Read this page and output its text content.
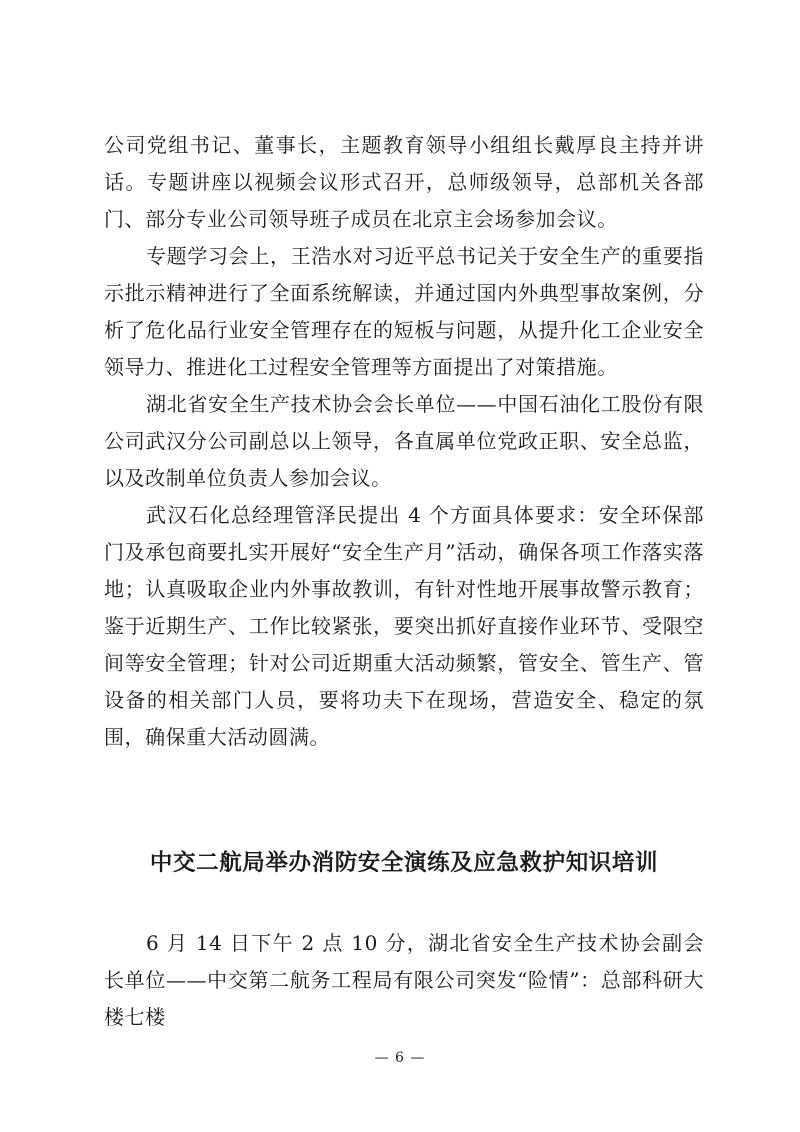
公司党组书记、董事长，主题教育领导小组组长戴厚良主持并讲话。专题讲座以视频会议形式召开，总师级领导，总部机关各部门、部分专业公司领导班子成员在北京主会场参加会议。

专题学习会上，王浩水对习近平总书记关于安全生产的重要指示批示精神进行了全面系统解读，并通过国内外典型事故案例，分析了危化品行业安全管理存在的短板与问题，从提升化工企业安全领导力、推进化工过程安全管理等方面提出了对策措施。

湖北省安全生产技术协会会长单位——中国石油化工股份有限公司武汉分公司副总以上领导，各直属单位党政正职、安全总监，以及改制单位负责人参加会议。

武汉石化总经理管泽民提出 4 个方面具体要求：安全环保部门及承包商要扎实开展好“安全生产月”活动，确保各项工作落实落地；认真吸取企业内外事故教训，有针对性地开展事故警示教育；鉴于近期生产、工作比较紧张，要突出抓好直接作业环节、受限空间等安全管理；针对公司近期重大活动频繁，管安全、管生产、管设备的相关部门人员，要将功夫下在现场，营造安全、稳定的氛围，确保重大活动圆满。

中交二航局举办消防安全演练及应急救护知识培训

6 月 14 日下午 2 点 10 分，湖北省安全生产技术协会副会长单位——中交第二航务工程局有限公司突发“险情”：总部科研大楼七楼

— 6 —
